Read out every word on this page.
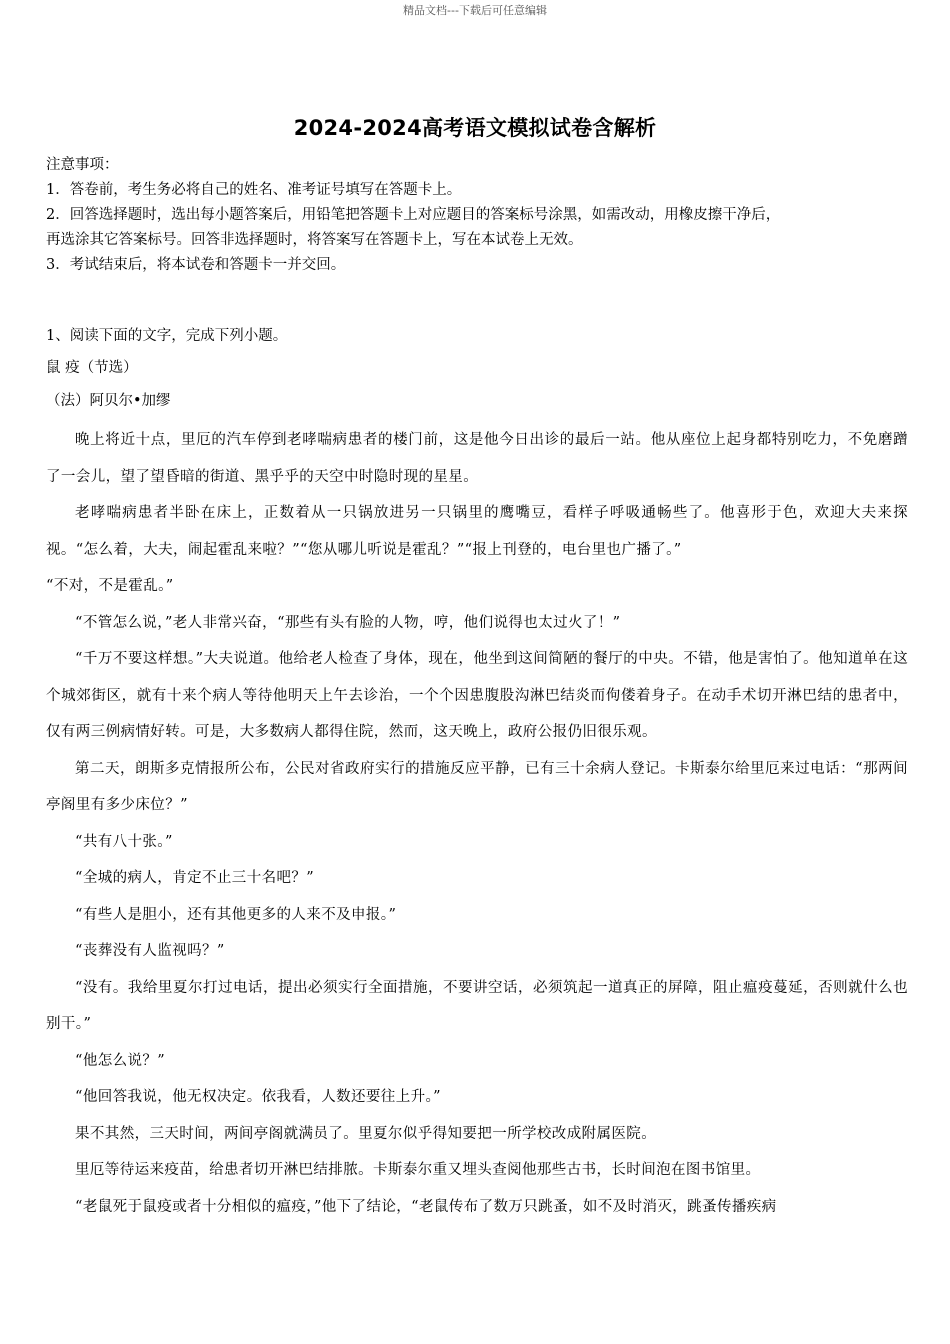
精品文档---下载后可任意编辑
2024-2024高考语文模拟试卷含解析
注意事项：
1．答卷前，考生务必将自己的姓名、准考证号填写在答题卡上。
2．回答选择题时，选出每小题答案后，用铅笔把答题卡上对应题目的答案标号涂黑，如需改动，用橡皮擦干净后，
再选涂其它答案标号。回答非选择题时，将答案写在答题卡上，写在本试卷上无效。
3．考试结束后，将本试卷和答题卡一并交回。
1、阅读下面的文字，完成下列小题。
鼠 疫（节选）
（法）阿贝尔•加缪

晚上将近十点，里厄的汽车停到老哮喘病患者的楼门前，这是他今日出诊的最后一站。他从座位上起身都特别吃力，不免磨蹭了一会儿，望了望昏暗的街道、黑乎乎的天空中时隐时现的星星。

老哮喘病患者半卧在床上，正数着从一只锅放进另一只锅里的鹰嘴豆，看样子呼吸通畅些了。他喜形于色，欢迎大夫来探视。“怎么着，大夫，闹起霍乱来啦？”“您从哪儿听说是霍乱？”“报上刊登的，电台里也广播了。”

“不对，不是霍乱。”

“不管怎么说，”老人非常兴奋，“那些有头有脸的人物，哼，他们说得也太过火了！”

“千万不要这样想。”大夫说道。他给老人检查了身体，现在，他坐到这间简陋的餐厅的中央。不错，他是害怕了。他知道单在这个城郊街区，就有十来个病人等待他明天上午去诊治，一个个因患腹股沟淋巴结炎而佝偻着身子。在动手术切开淋巴结的患者中，仅有两三例病情好转。可是，大多数病人都得住院，然而，这天晚上，政府公报仍旧很乐观。

第二天，朗斯多克情报所公布，公民对省政府实行的措施反应平静，已有三十余病人登记。卡斯泰尔给里厄来过电话：“那两间亭阁里有多少床位？”

“共有八十张。”

“全城的病人，肯定不止三十名吧？”

“有些人是胆小，还有其他更多的人来不及申报。”

“丧葬没有人监视吗？”

“没有。我给里夏尔打过电话，提出必须实行全面措施，不要讲空话，必须筑起一道真正的屏障，阻止瘟疫蔓延，否则就什么也别干。”

“他怎么说？”

“他回答我说，他无权决定。依我看，人数还要往上升。”

果不其然，三天时间，两间亭阁就满员了。里夏尔似乎得知要把一所学校改成附属医院。

里厄等待运来疫苗，给患者切开淋巴结排脓。卡斯泰尔重又埋头查阅他那些古书，长时间泡在图书馆里。

“老鼠死于鼠疫或者十分相似的瘟疫，”他下了结论，“老鼠传布了数万只跳蚤，如不及时消灭，跳蚤传播疾病
